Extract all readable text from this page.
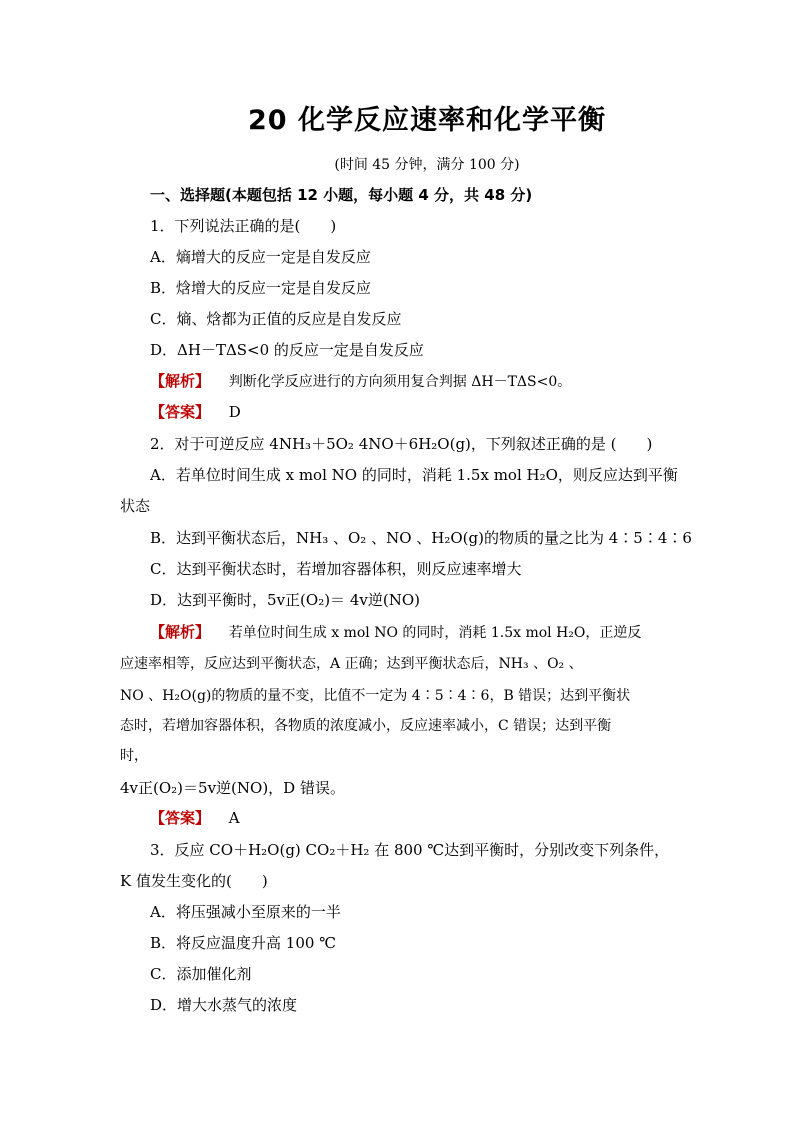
20 化学反应速率和化学平衡
(时间 45 分钟，满分 100 分)
一、选择题(本题包括 12 小题，每小题 4 分，共 48 分)
1．下列说法正确的是(　　)
A．熵增大的反应一定是自发反应
B．焓增大的反应一定是自发反应
C．熵、焓都为正值的反应是自发反应
D．ΔH－TΔS<0 的反应一定是自发反应
【解析】 判断化学反应进行的方向须用复合判据 ΔH－TΔS<0。
【答案】 D
2．对于可逆反应 4NH₃＋5O₂ 4NO＋6H₂O(g)，下列叙述正确的是 (　　)
A．若单位时间生成 x mol NO 的同时，消耗 1.5x mol H₂O，则反应达到平衡
状态
B．达到平衡状态后，NH₃ 、O₂ 、NO 、H₂O(g)的物质的量之比为 4∶5∶4∶6
C．达到平衡状态时，若增加容器体积，则反应速率增大
D．达到平衡时，5v正(O₂)＝ 4v逆(NO)
【解析】 若单位时间生成 x mol NO 的同时，消耗 1.5x mol H₂O，正逆反
应速率相等，反应达到平衡状态，A 正确；达到平衡状态后，NH₃ 、O₂ 、
NO 、H₂O(g)的物质的量不变，比值不一定为 4∶5∶4∶6，B 错误；达到平衡状
态时，若增加容器体积，各物质的浓度减小，反应速率减小，C 错误；达到平衡
时，
4v正(O₂)＝5v逆(NO)，D 错误。
【答案】 A
3．反应 CO＋H₂O(g) CO₂＋H₂ 在 800 ℃达到平衡时，分别改变下列条件，
K 值发生变化的(　　)
A．将压强减小至原来的一半
B．将反应温度升高 100 ℃
C．添加催化剂
D．增大水蒸气的浓度
